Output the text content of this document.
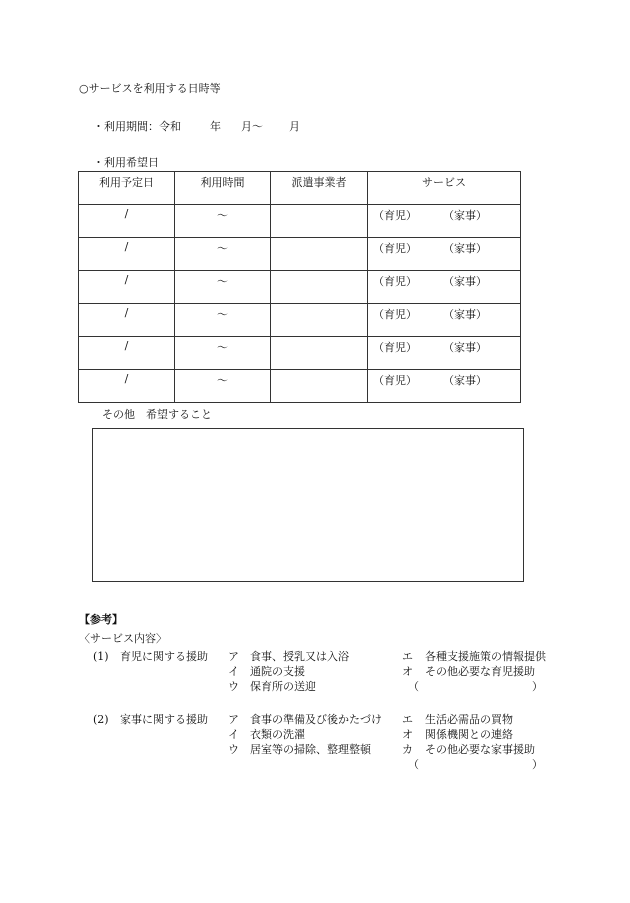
○サービスを利用する日時等
・利用期間：令和	年 月〜 月
・利用希望日
利用予定日	利用時間	派遣事業者	サービス
/	〜		（育児） （家事）

/	〜		（育児） （家事）

/	〜		（育児） （家事）

/	〜		（育児） （家事）

/	〜		（育児） （家事）

/	〜		（育児） （家事）
その他　希望すること
【参考】
〈サービス内容〉
(1) 育児に関する援助 ア 食事、授乳又は入浴
イ 通院の支援
ウ 保育所の送迎
エ 各種支援施策の情報提供
オ その他必要な育児援助
（	）
(2) 家事に関する援助 ア 食事の準備及び後かたづけ
イ 衣類の洗濯
ウ 居室等の掃除、整理整頓
エ 生活必需品の買物
オ 関係機関との連絡
カ その他必要な家事援助
（	）
